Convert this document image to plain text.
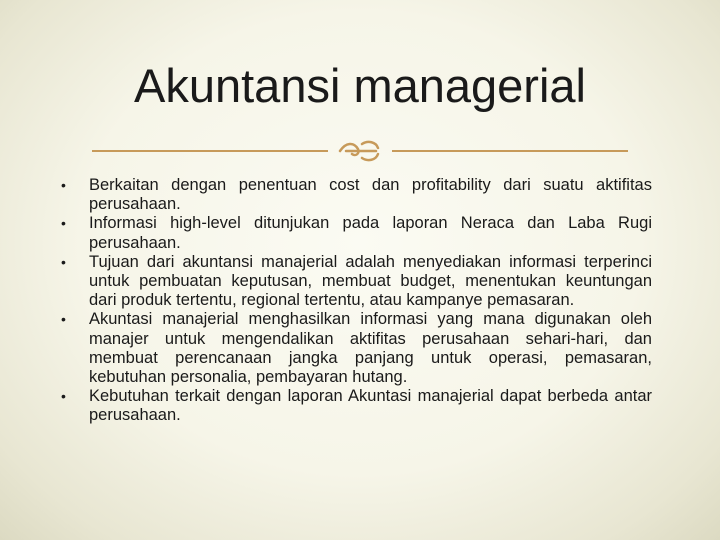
Akuntansi managerial
• Berkaitan dengan penentuan cost dan profitability dari suatu aktifitas perusahaan.
• Informasi high-level ditunjukan pada laporan Neraca dan Laba Rugi perusahaan.
• Tujuan dari akuntansi manajerial adalah menyediakan informasi terperinci untuk pembuatan keputusan, membuat budget, menentukan keuntungan dari produk tertentu, regional tertentu, atau kampanye pemasaran.
• Akuntasi manajerial menghasilkan informasi yang mana digunakan oleh manajer untuk mengendalikan aktifitas perusahaan sehari-hari, dan membuat perencanaan jangka panjang untuk operasi, pemasaran, kebutuhan personalia, pembayaran hutang.
• Kebutuhan terkait dengan laporan Akuntasi manajerial dapat berbeda antar perusahaan.
